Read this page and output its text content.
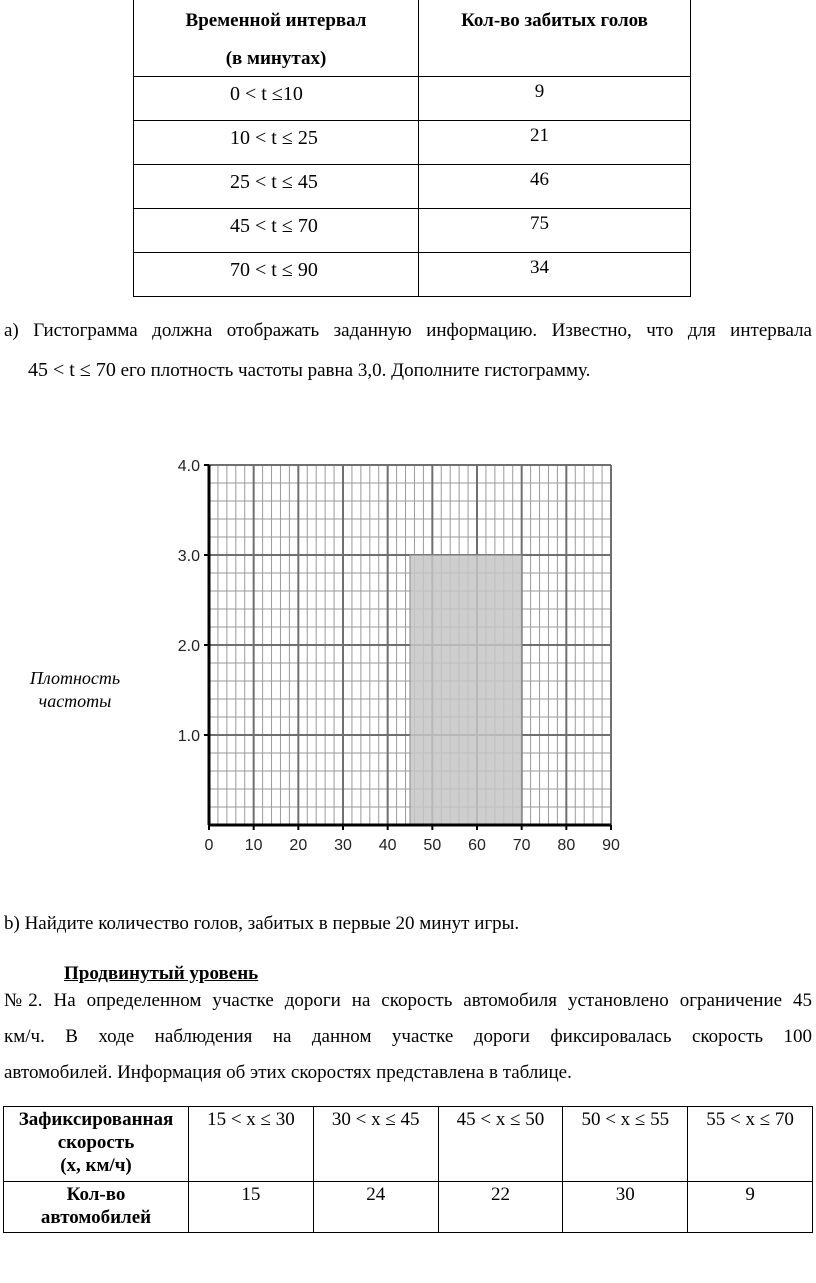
Временной интервал
(в минутах)	Кол-во забитых голов

0 < t ≤10	9
10 < t ≤ 25	21
25 < t ≤ 45	46
45 < t ≤ 70	75
70 < t ≤ 90	34
a) Гистограмма должна отображать заданную информацию. Известно, что для интервала
45 < t ≤ 70 его плотность частоты равна 3,0. Дополните гистограмму.
Плотность
частоты
0 10 20 30 40 50 60 70 80 90
1.0
2.0
3.0
4.0
b) Найдите количество голов, забитых в первые 20 минут игры.
Продвинутый уровень
№2. На определенном участке дороги на скорость автомобиля установлено ограничение 45
км/ч. В ходе наблюдения на данном участке дороги фиксировалась скорость 100
автомобилей. Информация об этих скоростях представлена в таблице.
Зафиксированная
скорость
(x, км/ч)	15 < x ≤ 30	30 < x ≤ 45	45 < x ≤ 50	50 < x ≤ 55	55 < x ≤ 70

Кол-во
автомобилей	15	24	22	30	9
